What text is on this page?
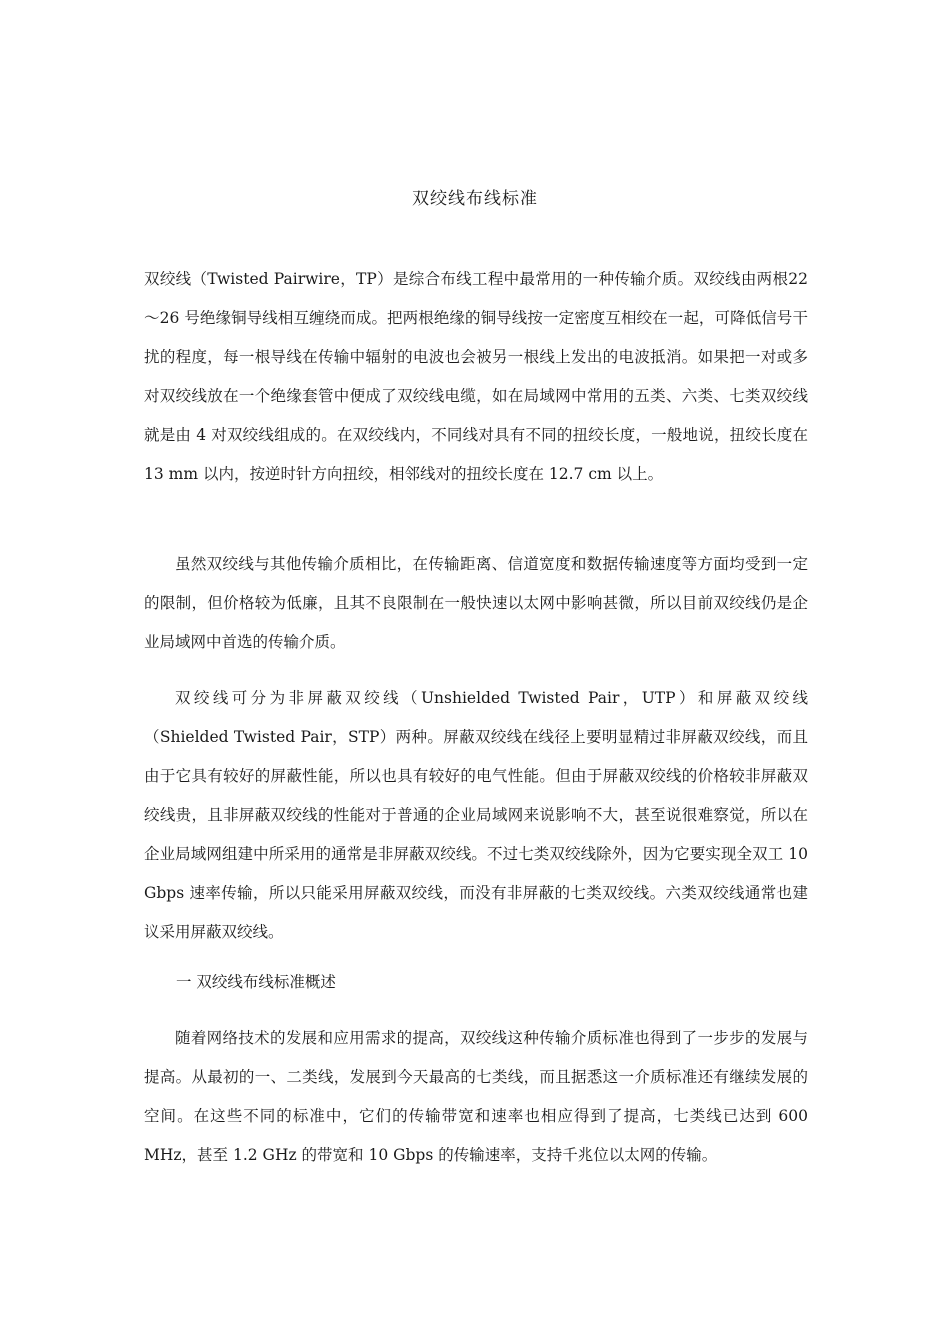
双绞线布线标准

双绞线（Twisted Pairwire，TP）是综合布线工程中最常用的一种传输介质。双绞线由两根22～26 号绝缘铜导线相互缠绕而成。把两根绝缘的铜导线按一定密度互相绞在一起，可降低信号干扰的程度，每一根导线在传输中辐射的电波也会被另一根线上发出的电波抵消。如果把一对或多对双绞线放在一个绝缘套管中便成了双绞线电缆，如在局域网中常用的五类、六类、七类双绞线就是由 4 对双绞线组成的。在双绞线内，不同线对具有不同的扭绞长度，一般地说，扭绞长度在 13 mm 以内，按逆时针方向扭绞，相邻线对的扭绞长度在 12.7 cm 以上。

虽然双绞线与其他传输介质相比，在传输距离、信道宽度和数据传输速度等方面均受到一定的限制，但价格较为低廉，且其不良限制在一般快速以太网中影响甚微，所以目前双绞线仍是企业局域网中首选的传输介质。

双绞线可分为非屏蔽双绞线（Unshielded Twisted Pair，UTP）和屏蔽双绞线（Shielded Twisted Pair，STP）两种。屏蔽双绞线在线径上要明显精过非屏蔽双绞线，而且由于它具有较好的屏蔽性能，所以也具有较好的电气性能。但由于屏蔽双绞线的价格较非屏蔽双绞线贵，且非屏蔽双绞线的性能对于普通的企业局域网来说影响不大，甚至说很难察觉，所以在企业局域网组建中所采用的通常是非屏蔽双绞线。不过七类双绞线除外，因为它要实现全双工 10 Gbps 速率传输，所以只能采用屏蔽双绞线，而没有非屏蔽的七类双绞线。六类双绞线通常也建议采用屏蔽双绞线。

一 双绞线布线标准概述

随着网络技术的发展和应用需求的提高，双绞线这种传输介质标准也得到了一步步的发展与提高。从最初的一、二类线，发展到今天最高的七类线，而且据悉这一介质标准还有继续发展的空间。在这些不同的标准中，它们的传输带宽和速率也相应得到了提高，七类线已达到 600 MHz，甚至 1.2 GHz 的带宽和 10 Gbps 的传输速率，支持千兆位以太网的传输。
